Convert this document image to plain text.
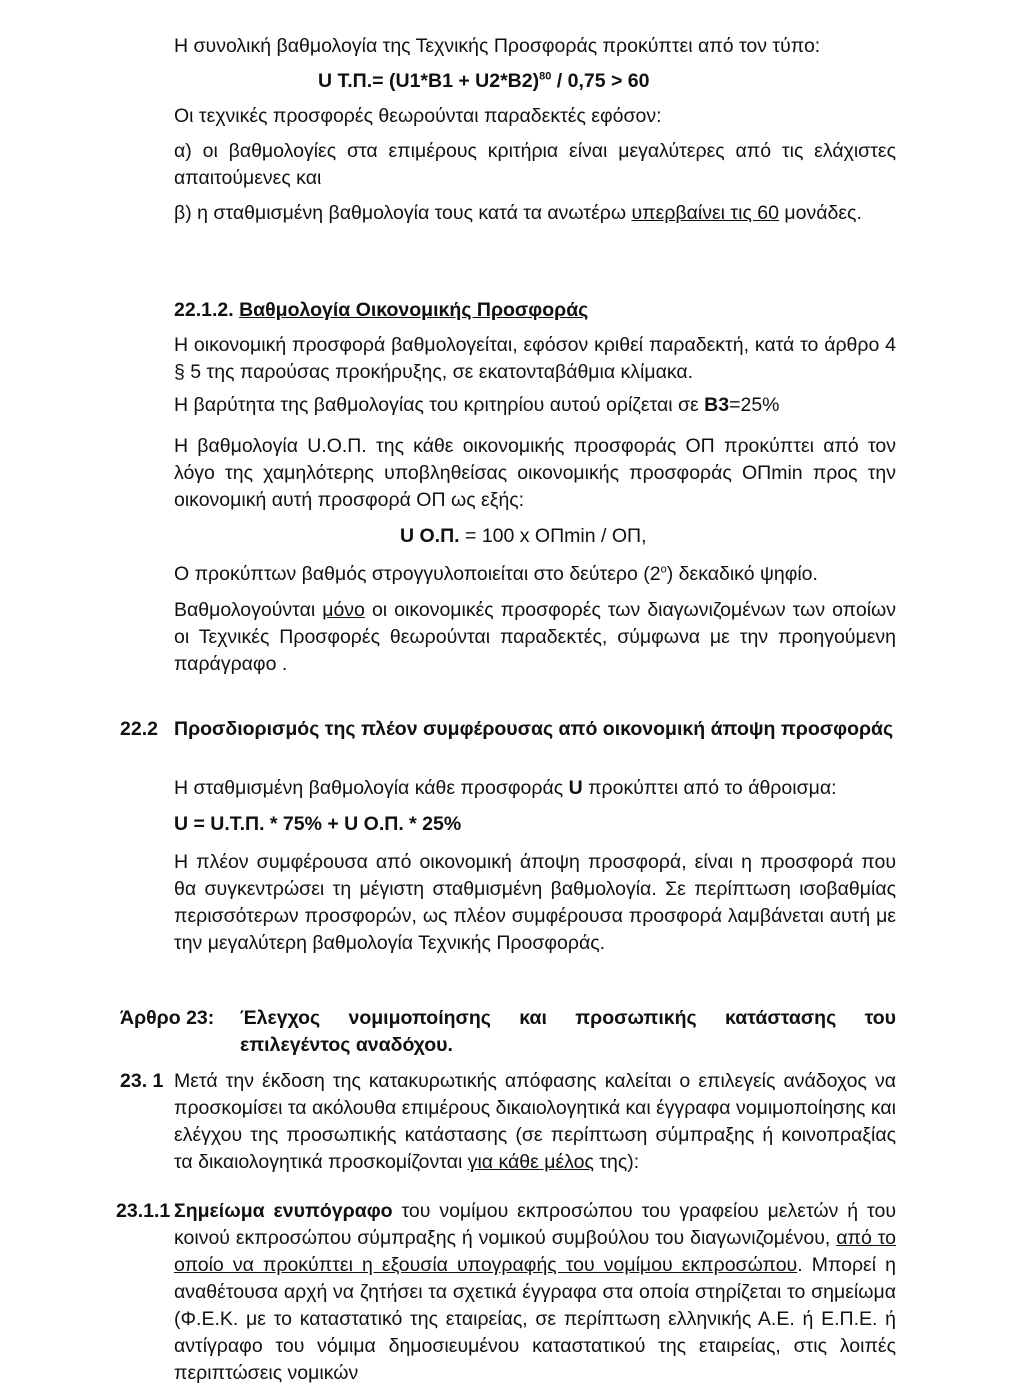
Η συνολική βαθμολογία της Τεχνικής Προσφοράς προκύπτει από τον τύπο:

U $T.\Pi.= (U1*B1 + U2*B2)^{80} / 0,75 > 60$

Οι τεχνικές προσφορές θεωρούνται παραδεκτές εφόσον:

α) οι βαθμολογίες στα επιμέρους κριτήρια είναι μεγαλύτερες από τις ελάχιστες απαιτούμενες και

β) η σταθμισμένη βαθμολογία τους κατά τα ανωτέρω υπερβαίνει τις 60 μονάδες.

22.1.2. Βαθμολογία Οικονομικής Προσφοράς

Η οικονομική προσφορά βαθμολογείται, εφόσον κριθεί παραδεκτή, κατά το άρθρο 4 § 5 της παρούσας προκήρυξης, σε εκατονταβάθμια κλίμακα.

Η βαρύτητα της βαθμολογίας του κριτηρίου αυτού ορίζεται σε Β3=25%

Η βαθμολογία U.Ο.Π. της κάθε οικονομικής προσφοράς ΟΠ προκύπτει από τον λόγο της χαμηλότερης υποβληθείσας οικονομικής προσφοράς ΟΠmin προς την οικονομική αυτή προσφορά ΟΠ ως εξής:

U Ο.Π. = 100 x ΟΠmin / ΟΠ,

Ο προκύπτων βαθμός στρογγυλοποιείται στο δεύτερο $(2^o)$ δεκαδικό ψηφίο.

Βαθμολογούνται μόνο οι οικονομικές προσφορές των διαγωνιζομένων των οποίων οι Τεχνικές Προσφορές θεωρούνται παραδεκτές, σύμφωνα με την προηγούμενη παράγραφο .

22.2 Προσδιορισμός της πλέον συμφέρουσας από οικονομική άποψη προσφοράς

Η σταθμισμένη βαθμολογία κάθε προσφοράς U προκύπτει από το άθροισμα:

U = U.Τ.Π. * 75% + U Ο.Π. * 25%

Η πλέον συμφέρουσα από οικονομική άποψη προσφορά, είναι η προσφορά που θα συγκεντρώσει τη μέγιστη σταθμισμένη βαθμολογία. Σε περίπτωση ισοβαθμίας περισσότερων προσφορών, ως πλέον συμφέρουσα προσφορά λαμβάνεται αυτή με την μεγαλύτερη βαθμολογία Τεχνικής Προσφοράς.

Άρθρο 23: Έλεγχος νομιμοποίησης και προσωπικής κατάστασης του επιλεγέντος αναδόχου.

23. 1 Μετά την έκδοση της κατακυρωτικής απόφασης καλείται ο επιλεγείς ανάδοχος να προσκομίσει τα ακόλουθα επιμέρους δικαιολογητικά και έγγραφα νομιμοποίησης και ελέγχου της προσωπικής κατάστασης (σε περίπτωση σύμπραξης ή κοινοπραξίας τα δικαιολογητικά προσκομίζονται για κάθε μέλος της):

23.1.1 Σημείωμα ενυπόγραφο του νομίμου εκπροσώπου του γραφείου μελετών ή του κοινού εκπροσώπου σύμπραξης ή νομικού συμβούλου του διαγωνιζομένου, από το οποίο να προκύπτει η εξουσία υπογραφής του νομίμου εκπροσώπου. Μπορεί η αναθέτουσα αρχή να ζητήσει τα σχετικά έγγραφα στα οποία στηρίζεται το σημείωμα (Φ.Ε.Κ. με το καταστατικό της εταιρείας, σε περίπτωση ελληνικής Α.Ε. ή Ε.Π.Ε. ή αντίγραφο του νόμιμα δημοσιευμένου καταστατικού της εταιρείας, στις λοιπές περιπτώσεις νομικών
